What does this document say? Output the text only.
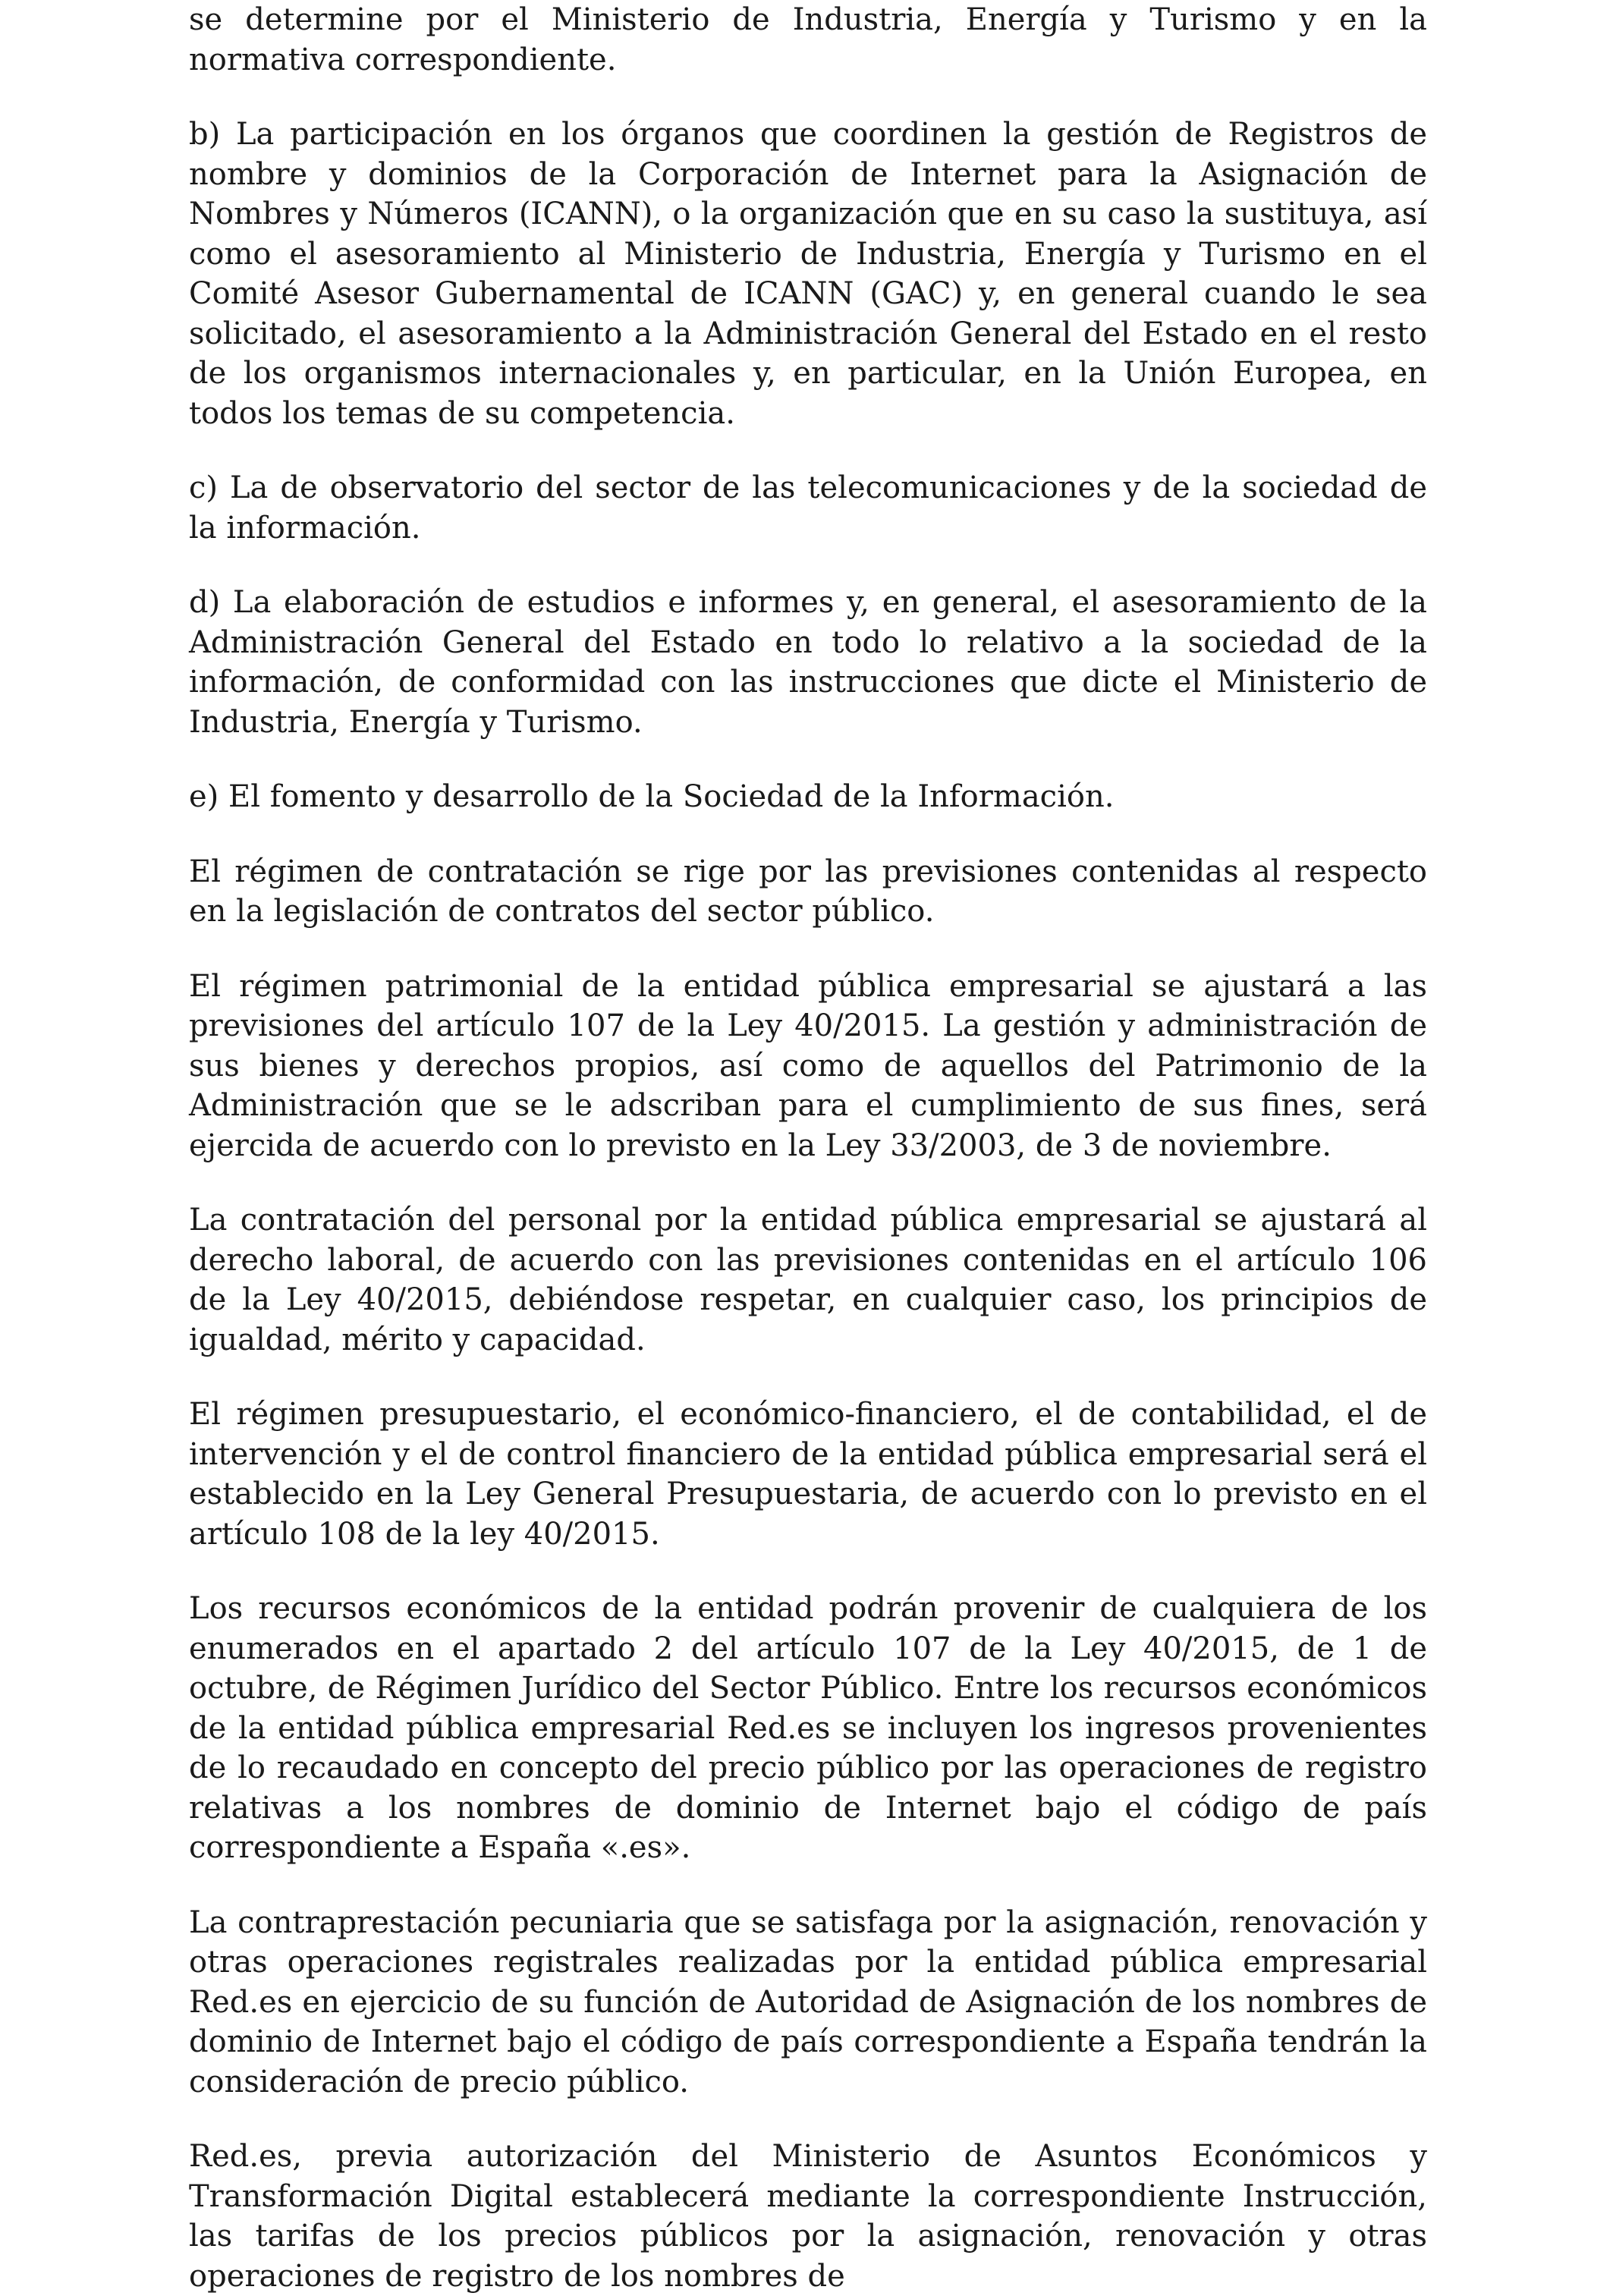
se determine por el Ministerio de Industria, Energía y Turismo y en la normativa correspondiente.

b) La participación en los órganos que coordinen la gestión de Registros de nombre y dominios de la Corporación de Internet para la Asignación de Nombres y Números (ICANN), o la organización que en su caso la sustituya, así como el asesoramiento al Ministerio de Industria, Energía y Turismo en el Comité Asesor Gubernamental de ICANN (GAC) y, en general cuando le sea solicitado, el asesoramiento a la Administración General del Estado en el resto de los organismos internacionales y, en particular, en la Unión Europea, en todos los temas de su competencia.

c) La de observatorio del sector de las telecomunicaciones y de la sociedad de la información.

d) La elaboración de estudios e informes y, en general, el asesoramiento de la Administración General del Estado en todo lo relativo a la sociedad de la información, de conformidad con las instrucciones que dicte el Ministerio de Industria, Energía y Turismo.

e) El fomento y desarrollo de la Sociedad de la Información.

El régimen de contratación se rige por las previsiones contenidas al respecto en la legislación de contratos del sector público.

El régimen patrimonial de la entidad pública empresarial se ajustará a las previsiones del artículo 107 de la Ley 40/2015. La gestión y administración de sus bienes y derechos propios, así como de aquellos del Patrimonio de la Administración que se le adscriban para el cumplimiento de sus fines, será ejercida de acuerdo con lo previsto en la Ley 33/2003, de 3 de noviembre.

La contratación del personal por la entidad pública empresarial se ajustará al derecho laboral, de acuerdo con las previsiones contenidas en el artículo 106 de la Ley 40/2015, debiéndose respetar, en cualquier caso, los principios de igualdad, mérito y capacidad.

El régimen presupuestario, el económico-financiero, el de contabilidad, el de intervención y el de control financiero de la entidad pública empresarial será el establecido en la Ley General Presupuestaria, de acuerdo con lo previsto en el artículo 108 de la ley 40/2015.

Los recursos económicos de la entidad podrán provenir de cualquiera de los enumerados en el apartado 2 del artículo 107 de la Ley 40/2015, de 1 de octubre, de Régimen Jurídico del Sector Público. Entre los recursos económicos de la entidad pública empresarial Red.es se incluyen los ingresos provenientes de lo recaudado en concepto del precio público por las operaciones de registro relativas a los nombres de dominio de Internet bajo el código de país correspondiente a España «.es».

La contraprestación pecuniaria que se satisfaga por la asignación, renovación y otras operaciones registrales realizadas por la entidad pública empresarial Red.es en ejercicio de su función de Autoridad de Asignación de los nombres de dominio de Internet bajo el código de país correspondiente a España tendrán la consideración de precio público.

Red.es, previa autorización del Ministerio de Asuntos Económicos y Transformación Digital establecerá mediante la correspondiente Instrucción, las tarifas de los precios públicos por la asignación, renovación y otras operaciones de registro de los nombres de
